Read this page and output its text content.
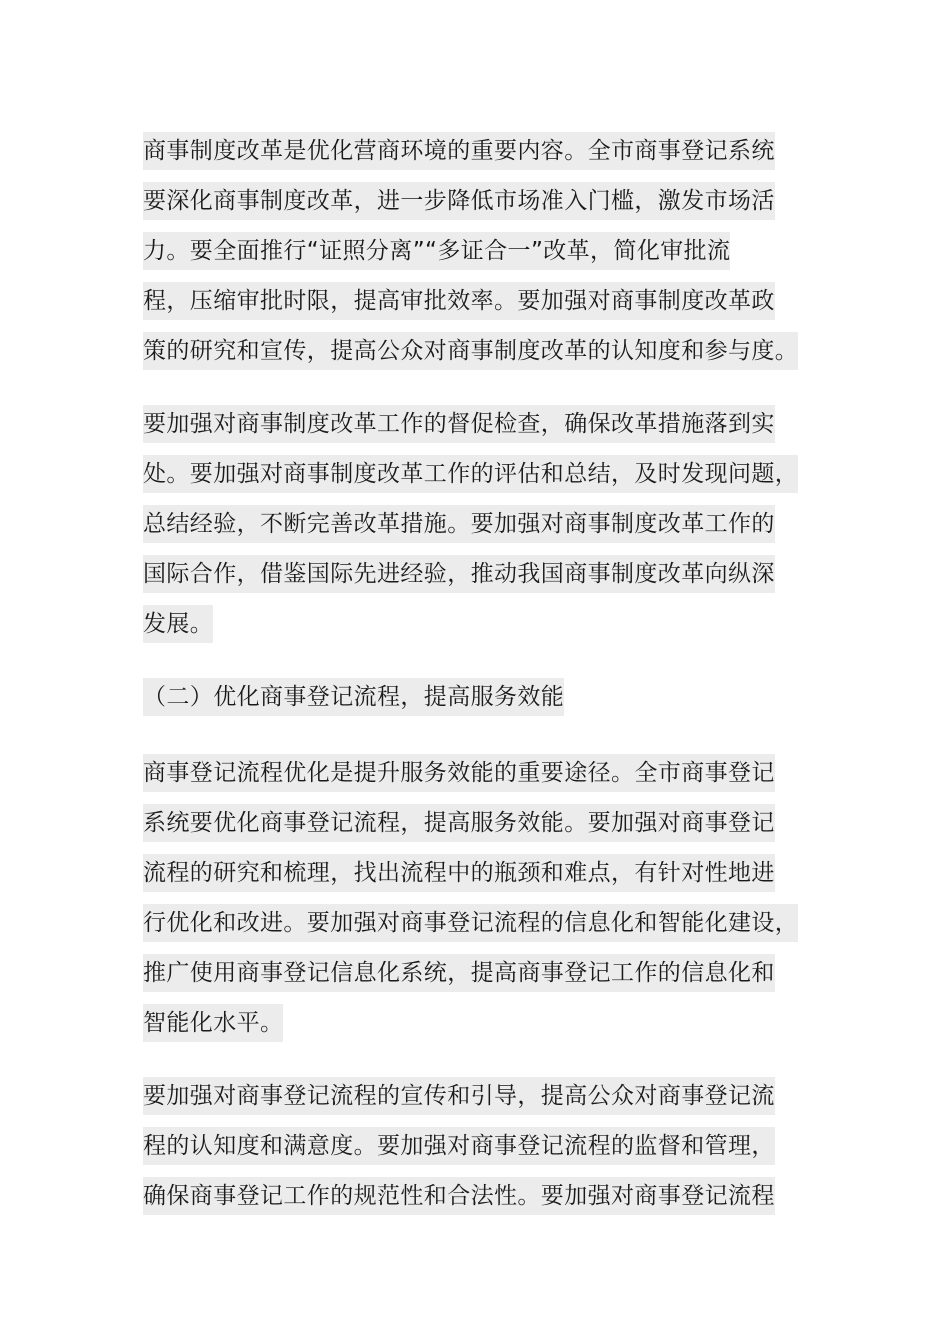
商事制度改革是优化营商环境的重要内容。全市商事登记系统
要深化商事制度改革，进一步降低市场准入门槛，激发市场活
力。要全面推行“证照分离”“多证合一”改革，简化审批流
程，压缩审批时限，提高审批效率。要加强对商事制度改革政
策的研究和宣传，提高公众对商事制度改革的认知度和参与度。
要加强对商事制度改革工作的督促检查，确保改革措施落到实
处。要加强对商事制度改革工作的评估和总结，及时发现问题，
总结经验，不断完善改革措施。要加强对商事制度改革工作的
国际合作，借鉴国际先进经验，推动我国商事制度改革向纵深
发展。
（二）优化商事登记流程，提高服务效能
商事登记流程优化是提升服务效能的重要途径。全市商事登记
系统要优化商事登记流程，提高服务效能。要加强对商事登记
流程的研究和梳理，找出流程中的瓶颈和难点，有针对性地进
行优化和改进。要加强对商事登记流程的信息化和智能化建设，
推广使用商事登记信息化系统，提高商事登记工作的信息化和
智能化水平。
要加强对商事登记流程的宣传和引导，提高公众对商事登记流
程的认知度和满意度。要加强对商事登记流程的监督和管理，
确保商事登记工作的规范性和合法性。要加强对商事登记流程
